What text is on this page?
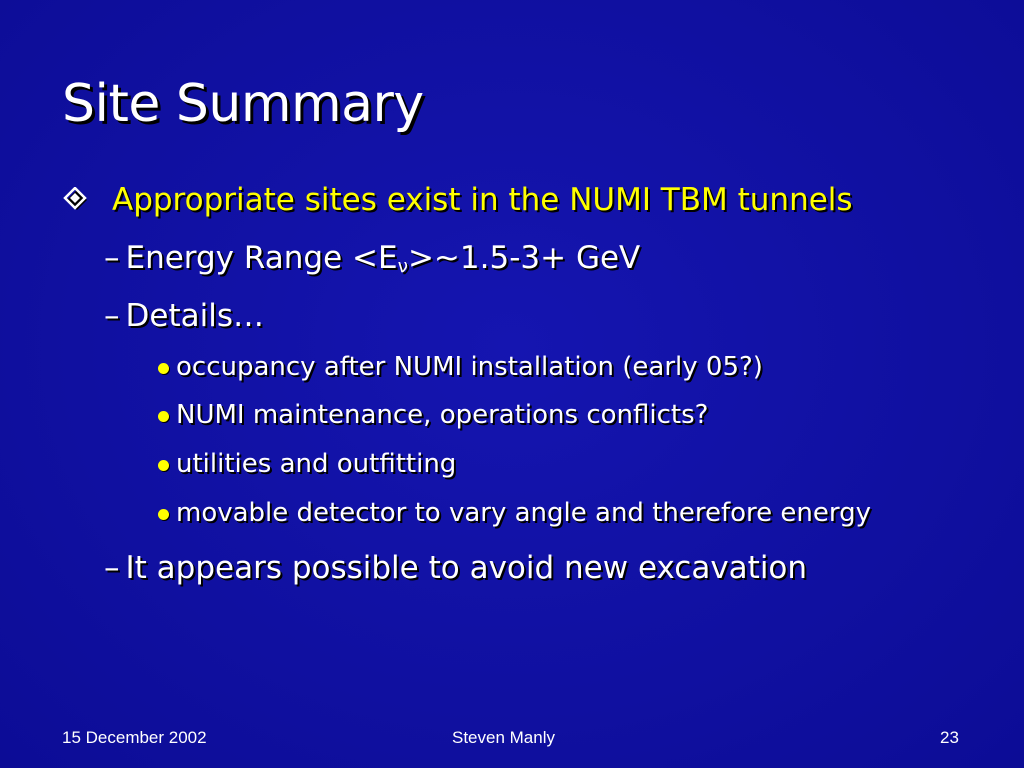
Site Summary
Appropriate sites exist in the NUMI TBM tunnels
– Energy Range $<E_\nu>\sim 1.5-3+$ GeV
– Details…
occupancy after NUMI installation (early 05?)
NUMI maintenance, operations conflicts?
utilities and outfitting
movable detector to vary angle and therefore energy
– It appears possible to avoid new excavation
15 December 2002	Steven Manly	23
